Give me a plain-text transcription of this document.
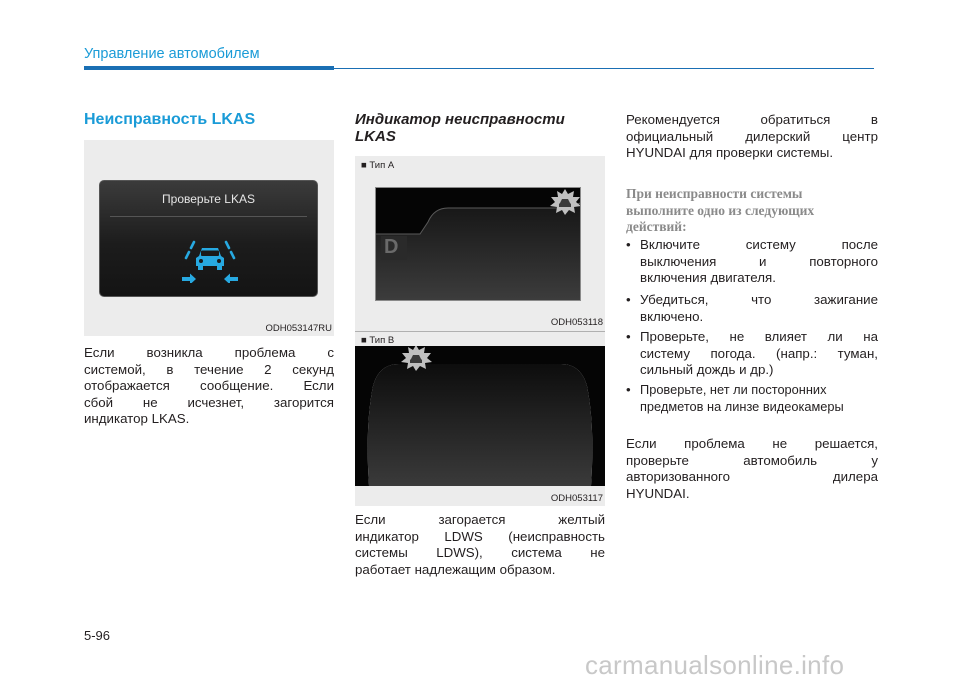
Управление автомобилем
Неисправность LKAS
Проверьте LKAS
ODH053147RU
Если возникла проблема с
системой, в течение 2 секунд
отображается сообщение. Если
сбой не исчезнет, загорится
индикатор LKAS.
Индикатор неисправности
LKAS
■ Тип А
D
ODH053118
■ Тип В
ODH053117
Если загорается желтый
индикатор LDWS (неисправность
системы LDWS), система не
работает надлежащим образом.
Рекомендуется обратиться в
официальный дилерский центр
HYUNDAI для проверки системы.
При неисправности системы
выполните одно из следующих
действий:
• Включите систему после
выключения и повторного
включения двигателя.
• Убедиться, что зажигание
включено.
• Проверьте, не влияет ли на
систему погода. (напр.: туман,
сильный дождь и др.)
• Проверьте, нет ли посторонних
предметов на линзе видеокамеры
Если проблема не решается,
проверьте автомобиль у
авторизованного дилера
HYUNDAI.
5-96
carmanualsonline.info
